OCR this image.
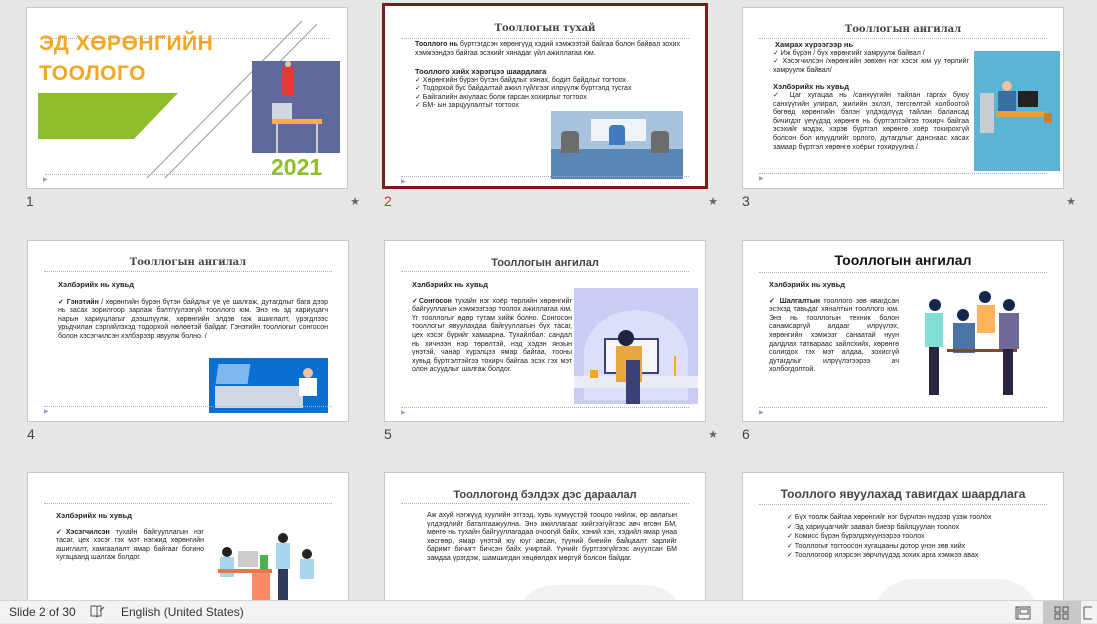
ЭД ХӨРӨНГИЙН
ТООЛОГО
2021
▶
1	★
Тооллогын тухай
Тооллого нь бүртгэгдсэн хөрөнгүүд хэдий хэмжээтэй байгаа болон байвал зохих хэмжээндээ байгаа эсэхийг хянадаг үйл ажиллагаа юм.
Тооллого хийх хэрэгцээ шаардлага
✓ Хөрөнгийн бүрэн бүтэн байдлыг хянах, бодит байдлыг тогтоох
✓ Тодорхой бус байдалтай ажил гүйлгээг илрүүлж бүртгэлд тусгах
✓ Байгалийн аюулаас болж гарсан хохирлыг тогтоох
✓ БМ- ын зарцуулалтыг тогтоох
▶
2	★
Тооллогын ангилал
Хамрах хүрээгээр нь
✓ Иж бүрэн / бүх хөрөнгийг хамруулж байвал /
✓ Хэсэгчилсэн /хөрөнгийн зөвхөн нэг хэсэг юм уу төрлийг хамруулж байвал/
Хэлбэрийх нь хувьд
✓ Цаг хугацаа нь /санхүүгийн тайлан гаргах буюу санхүүгийн улирал, жилийн эхлэл, төгсгөлтэй холбоотой бөгөөд хөрөнгийн бэлэн үлдэгдлүүд тайлан балансад бичигдэг үеүүдэд хөрөнгө нь бүртгэлтэйгээ тохирч байгаа эсэхийг мэдэх, хэрэв бүртгэл хөрөнгө хоёр тохирохгүй болсон бол илүүдлийг орлого, дутагдлыг данснаас хасах замаар бүртгэл хөрөнгө хоёрыг тохируулна /
▶
3	★
Тооллогын ангилал
Хэлбэрийх нь хувьд
✓ Гэнэтийн / хөрөнгийн бүрэн бүтэн байдлыг үе үе шалгаж, дутагдлыг бага дээр нь засах зорилгоор зарлаж бэлтгүүлээгүй тооллого юм. Энэ нь эд хариуцагч нарын хариуцлагыг дээшлүүлж, хөрөнгийн элдэв гаж ашиглалт, үрэгдлээс урьдчилан сэргийлэхэд тодорхой нөлөөтэй байдаг. Гэнэтийн тооллогыг сонгосон болон хэсэгчилсэн хэлбэрээр явуулж болно. /
▶
4
Тооллогын ангилал
Хэлбэрийх нь хувьд
✓Сонгосон тухайн нэг хоёр төрлийн хөрөнгийг байгууллагын хэмжээгээр тоолох ажиллагаа юм. Үг тооллогыг өдөр тутам хийж болно. Сонгосон тооллогыг явуулахдаа байгууллагын бүх тасаг, цех хэсэг бүрийг хамаарна. Тухайлбал: сандал нь хичнээн нэр төрөлтэй, нэд хэдэн янзын үнэтэй, чанар хүрэлцээ ямар байгаа, тооны хувьд бүртгэлтэйгээ тохирч байгаа эсэх гэх мэт олон асуудлыг шалгаж болдог.
▶
5	★
Тооллогын ангилал
Хэлбэрийх нь хувьд
✓ Шалгалтын тооллого зөв явагдсан эсэхэд тавьдаг хяналтын тооллого юм. Энэ нь тооллогын техник болон санамсаргүй алдааг илрүүлэх, хөрөнгийн хэмжээг санаатай нуун далдлах татвараас зайлсхийх, хөрөнгө солигдох гэх мэт алдаа, зохисгүй дутагдлыг илрүүлэгээрээ ач холбогдолтой.
▶
6
Хэлбэрийх нь хувьд
✓Хэсэгчилсэн тухайн байгууллагын нэг тасаг, цех хэсэг гэх мэт нэгжид хөрөнгийн ашиглалт, хамгаалалт ямар байгааг богино хугацаанд шалгаж болдог.
Тооллогонд бэлдэх дэс дараалал
Аж ахуй нэгжүүд хуулийн этгээд, хувь хүмүүстэй тооцоо нийлж, өр авлагын үлдэгдлийг баталгаажуулна. Энэ ажиллагааг хийгээгүйгээс авч өгсөн БМ, мөнгө нь тухайн байгууллагадаа очоогүй байх, хэний хэн, хэдийл ямар унаа хөсгөөр, ямар үнэтэй юу юуг авсан, түүний биеийн байцаалт зарлийг баримт бичигт бичсэн байх учиртай. Үүнийг бүртгээгүйгээс ачуулсан БМ замдаа үрэгдэж, шамшигдан хөцөөлдөх мөргүй болсон байдаг.
Тооллого явуулахад тавигдах шаардлага
✓ Бүх тоолж байгаа хөрөнгийг нэг бүрчлэн нүдээр үзэж тоолох
✓ Эд хариуцагчийг заавал биеэр байлцуулан тоолох
✓ Комисс бүрэн бүрэлдэхүүнээрээ тоолох
✓ Тооллогыг тогтоосон хугацааны дотор үнэн зөв хийх
✓ Тооллогоор илэрсэн зөрчлүүдэд зохих арга хэмжээ авах
Slide 2 of 30	English (United States)
